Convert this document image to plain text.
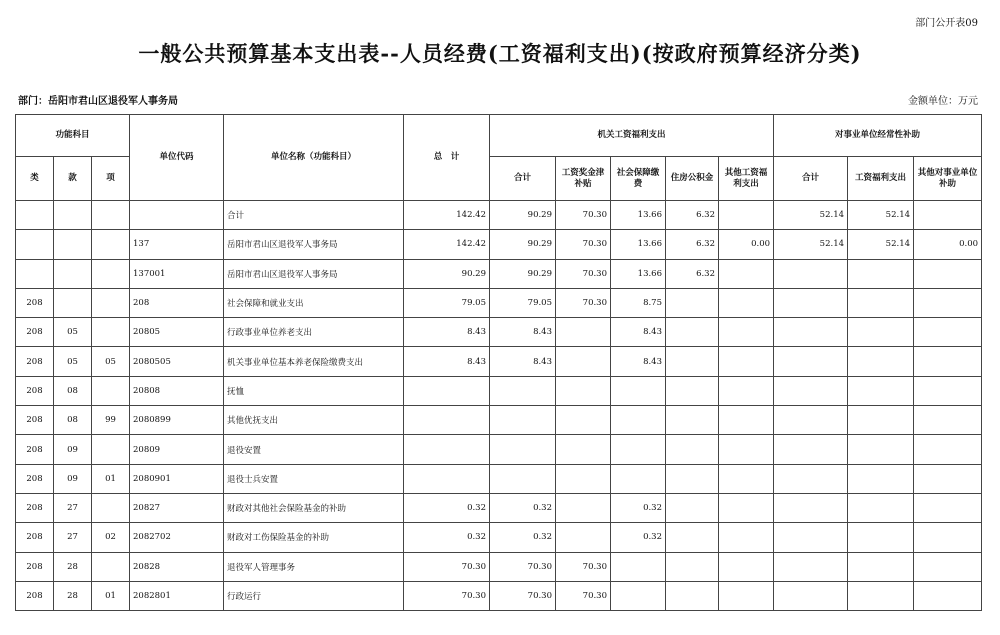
部门公开表09
一般公共预算基本支出表--人员经费(工资福利支出)(按政府预算经济分类)
部门：岳阳市君山区退役军人事务局	金额单位：万元
功能科目			单位代码	单位名称（功能科目）	总　计	机关工资福利支出					对事业单位经常性补助		
类	款	项				合计	工资奖金津补贴	社会保障缴费	住房公积金	其他工资福利支出	合计	工资福利支出	其他对事业单位补助
				合计	142.42	90.29	70.30	13.66	6.32		52.14	52.14	
			137	岳阳市君山区退役军人事务局	142.42	90.29	70.30	13.66	6.32	0.00	52.14	52.14	0.00
			137001	岳阳市君山区退役军人事务局	90.29	90.29	70.30	13.66	6.32				
208			208	社会保障和就业支出	79.05	79.05	70.30	8.75					
208	05		20805	行政事业单位养老支出	8.43	8.43		8.43					
208	05	05	2080505	机关事业单位基本养老保险缴费支出	8.43	8.43		8.43					
208	08		20808	抚恤									
208	08	99	2080899	其他优抚支出									
208	09		20809	退役安置									
208	09	01	2080901	退役士兵安置									
208	27		20827	财政对其他社会保险基金的补助	0.32	0.32		0.32					
208	27	02	2082702	财政对工伤保险基金的补助	0.32	0.32		0.32					
208	28		20828	退役军人管理事务	70.30	70.30	70.30						
208	28	01	2082801	行政运行	70.30	70.30	70.30						
